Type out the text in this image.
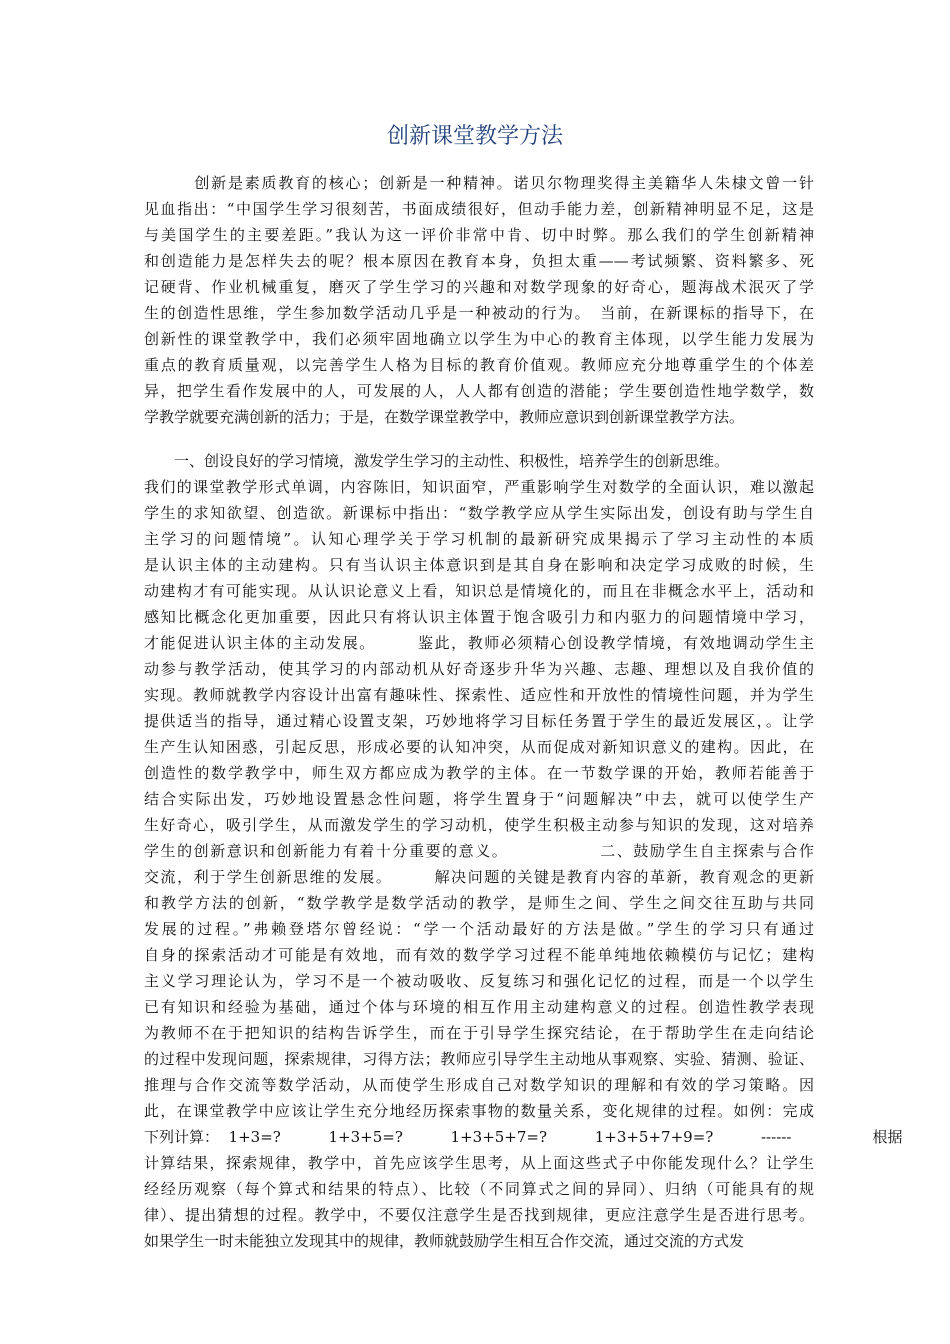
创新课堂教学方法
　　　创新是素质教育的核心；创新是一种精神。诺贝尔物理奖得主美籍华人朱棣文曾一针
见血指出：“中国学生学习很刻苦，书面成绩很好，但动手能力差，创新精神明显不足，这是
与美国学生的主要差距。”我认为这一评价非常中肯、切中时弊。那么我们的学生创新精神
和创造能力是怎样失去的呢？根本原因在教育本身，负担太重——考试频繁、资料繁多、死
记硬背、作业机械重复，磨灭了学生学习的兴趣和对数学现象的好奇心，题海战术泯灭了学
生的创造性思维，学生参加数学活动几乎是一种被动的行为。　当前，在新课标的指导下，在
创新性的课堂教学中，我们必须牢固地确立以学生为中心的教育主体现，以学生能力发展为
重点的教育质量观，以完善学生人格为目标的教育价值观。教师应充分地尊重学生的个体差
异，把学生看作发展中的人，可发展的人，人人都有创造的潜能；学生要创造性地学数学，数
学教学就要充满创新的活力；于是，在数学课堂教学中，教师应意识到创新课堂教学方法。
　　一、创设良好的学习情境，激发学生学习的主动性、积极性，培养学生的创新思维。
我们的课堂教学形式单调，内容陈旧，知识面窄，严重影响学生对数学的全面认识，难以激起
学生的求知欲望、创造欲。新课标中指出：“数学教学应从学生实际出发，创设有助与学生自
主学习的问题情境”。认知心理学关于学习机制的最新研究成果揭示了学习主动性的本质
是认识主体的主动建构。只有当认识主体意识到是其自身在影响和决定学习成败的时候，生
动建构才有可能实现。从认识论意义上看，知识总是情境化的，而且在非概念水平上，活动和
感知比概念化更加重要，因此只有将认识主体置于饱含吸引力和内驱力的问题情境中学习，
才能促进认识主体的主动发展。　　　鉴此，教师必须精心创设教学情境，有效地调动学生主
动参与教学活动，使其学习的内部动机从好奇逐步升华为兴趣、志趣、理想以及自我价值的
实现。教师就教学内容设计出富有趣味性、探索性、适应性和开放性的情境性问题，并为学生
提供适当的指导，通过精心设置支架，巧妙地将学习目标任务置于学生的最近发展区，。让学
生产生认知困惑，引起反思，形成必要的认知冲突，从而促成对新知识意义的建构。因此，在
创造性的数学教学中，师生双方都应成为教学的主体。在一节数学课的开始，教师若能善于
结合实际出发，巧妙地设置悬念性问题，将学生置身于“问题解决”中去，就可以使学生产
生好奇心，吸引学生，从而激发学生的学习动机，使学生积极主动参与知识的发现，这对培养
学生的创新意识和创新能力有着十分重要的意义。　　　　　　二、鼓励学生自主探索与合作
交流，利于学生创新思维的发展。　　　解决问题的关键是教育内容的革新，教育观念的更新
和教学方法的创新，“数学教学是数学活动的教学，是师生之间、学生之间交往互助与共同
发展的过程。”弗赖登塔尔曾经说：“学一个活动最好的方法是做。”学生的学习只有通过
自身的探索活动才可能是有效地，而有效的数学学习过程不能单纯地依赖模仿与记忆；建构
主义学习理论认为，学习不是一个被动吸收、反复练习和强化记忆的过程，而是一个以学生
已有知识和经验为基础，通过个体与环境的相互作用主动建构意义的过程。创造性教学表现
为教师不在于把知识的结构告诉学生，而在于引导学生探究结论，在于帮助学生在走向结论
的过程中发现问题，探索规律，习得方法；教师应引导学生主动地从事观察、实验、猜测、验证、
推理与合作交流等数学活动，从而使学生形成自己对数学知识的理解和有效的学习策略。因
此，在课堂教学中应该让学生充分地经历探索事物的数量关系，变化规律的过程。如例：完成
下列计算：  1+3=?          1+3+5=?          1+3+5+7=?          1+3+5+7+9=?          ------                 根据
计算结果，探索规律，教学中，首先应该学生思考，从上面这些式子中你能发现什么？让学生
经经历观察（每个算式和结果的特点）、比较（不同算式之间的异同）、归纳（可能具有的规
律）、提出猜想的过程。教学中，不要仅注意学生是否找到规律，更应注意学生是否进行思考。
如果学生一时未能独立发现其中的规律，教师就鼓励学生相互合作交流，通过交流的方式发
